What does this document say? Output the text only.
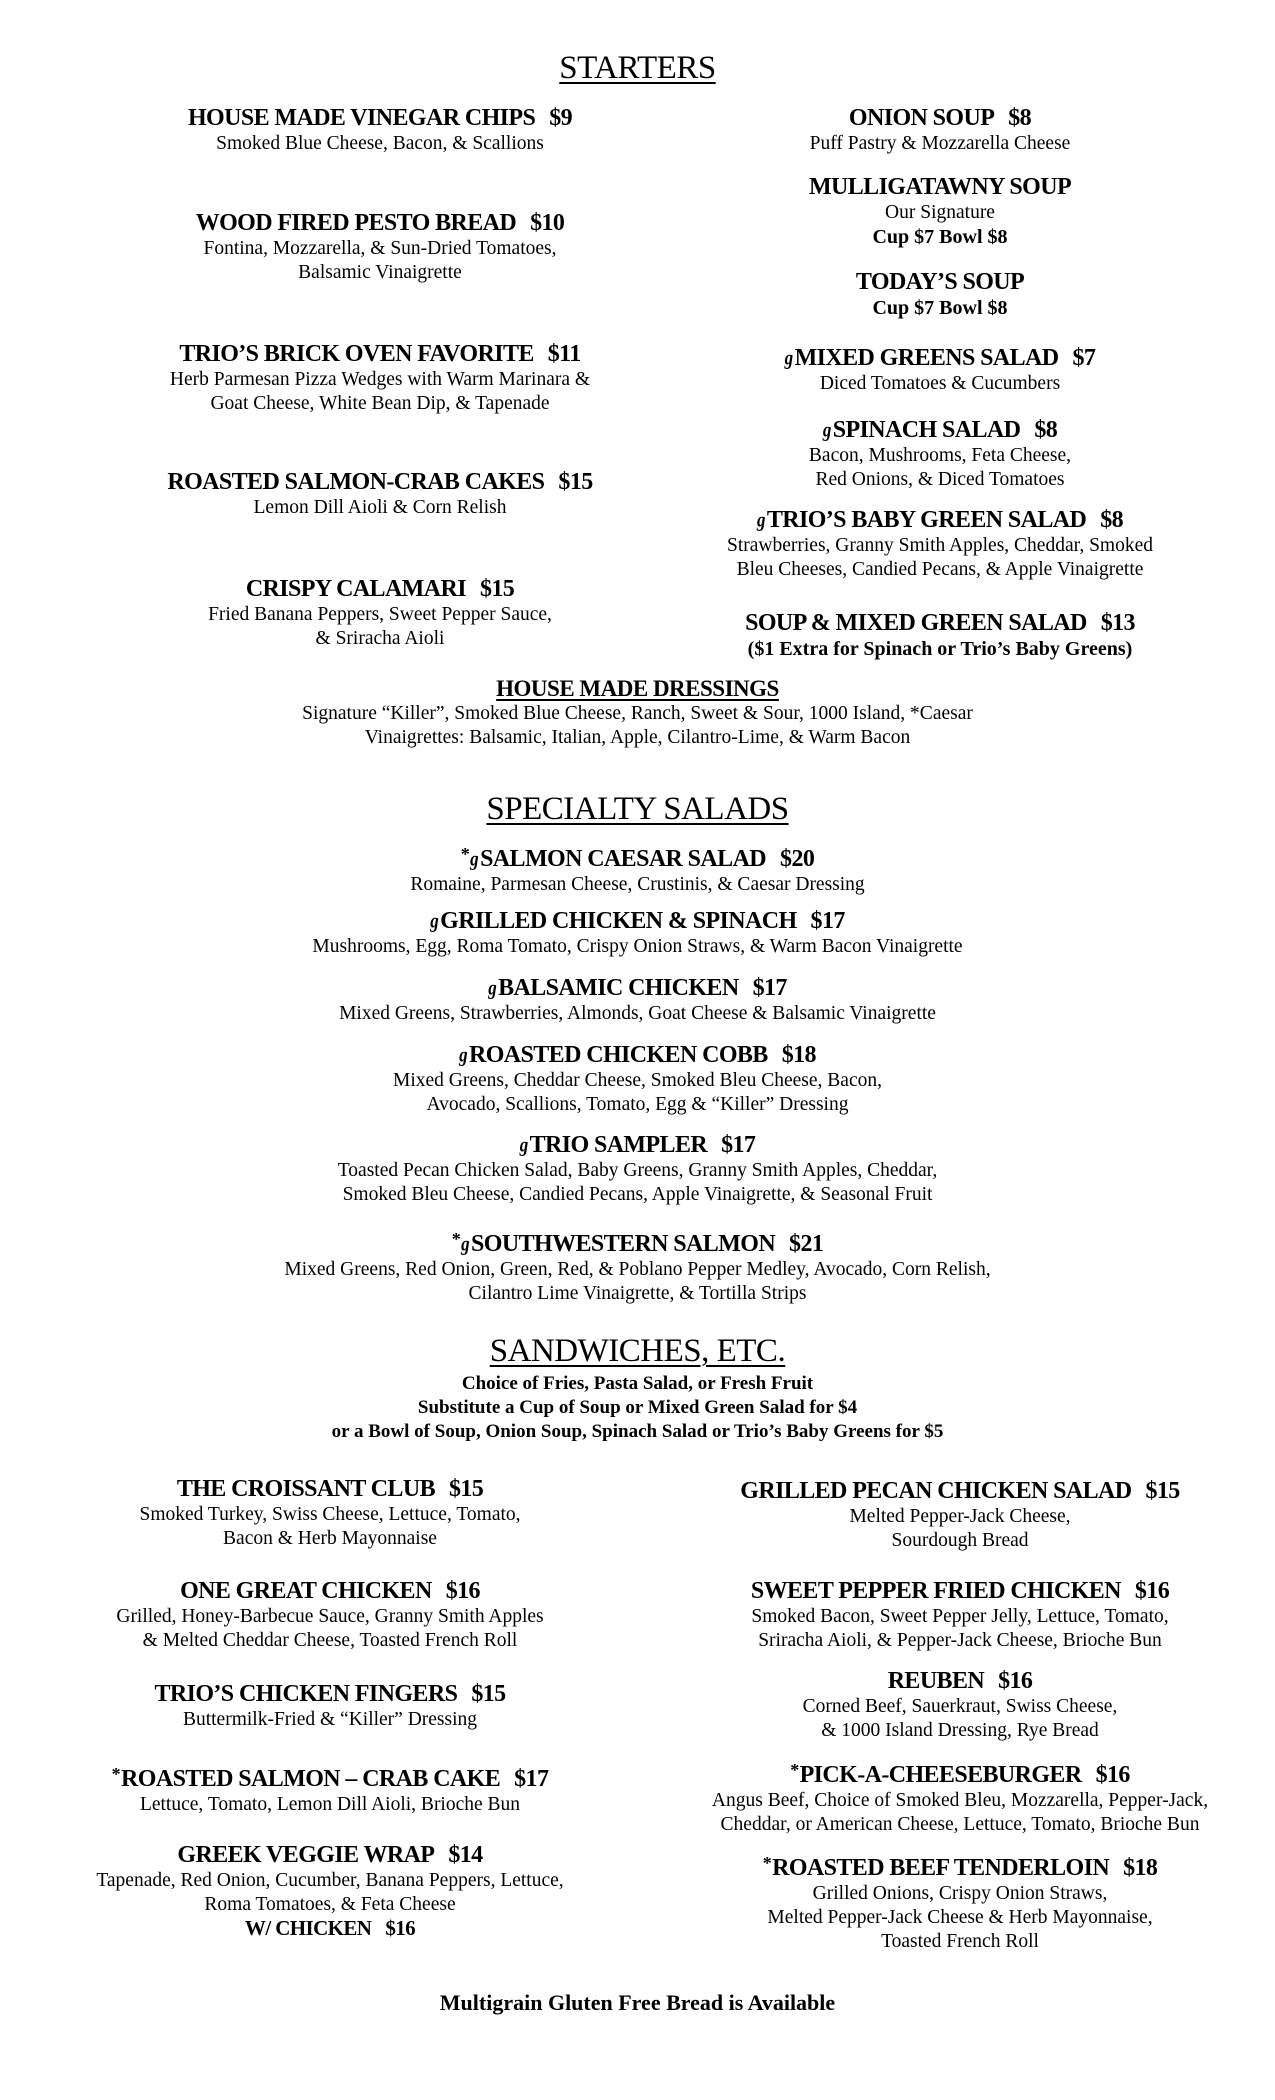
STARTERS
HOUSE MADE VINEGAR CHIPS $9
Smoked Blue Cheese, Bacon, & Scallions
WOOD FIRED PESTO BREAD $10
Fontina, Mozzarella, & Sun-Dried Tomatoes,
Balsamic Vinaigrette
TRIO’S BRICK OVEN FAVORITE $11
Herb Parmesan Pizza Wedges with Warm Marinara &
Goat Cheese, White Bean Dip, & Tapenade
ROASTED SALMON-CRAB CAKES $15
Lemon Dill Aioli & Corn Relish
CRISPY CALAMARI $15
Fried Banana Peppers, Sweet Pepper Sauce,
& Sriracha Aioli
ONION SOUP $8
Puff Pastry & Mozzarella Cheese
MULLIGATAWNY SOUP
Our Signature
Cup $7 Bowl $8
TODAY’S SOUP
Cup $7 Bowl $8
gMIXED GREENS SALAD $7
Diced Tomatoes & Cucumbers
gSPINACH SALAD $8
Bacon, Mushrooms, Feta Cheese,
Red Onions, & Diced Tomatoes
gTRIO’S BABY GREEN SALAD $8
Strawberries, Granny Smith Apples, Cheddar, Smoked
Bleu Cheeses, Candied Pecans, & Apple Vinaigrette
SOUP & MIXED GREEN SALAD $13
($1 Extra for Spinach or Trio’s Baby Greens)
HOUSE MADE DRESSINGS
Signature “Killer”, Smoked Blue Cheese, Ranch, Sweet & Sour, 1000 Island, *Caesar
Vinaigrettes: Balsamic, Italian, Apple, Cilantro-Lime, & Warm Bacon
SPECIALTY SALADS
*gSALMON CAESAR SALAD $20
Romaine, Parmesan Cheese, Crustinis, & Caesar Dressing
gGRILLED CHICKEN & SPINACH $17
Mushrooms, Egg, Roma Tomato, Crispy Onion Straws, & Warm Bacon Vinaigrette
gBALSAMIC CHICKEN $17
Mixed Greens, Strawberries, Almonds, Goat Cheese & Balsamic Vinaigrette
gROASTED CHICKEN COBB $18
Mixed Greens, Cheddar Cheese, Smoked Bleu Cheese, Bacon,
Avocado, Scallions, Tomato, Egg & “Killer” Dressing
gTRIO SAMPLER $17
Toasted Pecan Chicken Salad, Baby Greens, Granny Smith Apples, Cheddar,
Smoked Bleu Cheese, Candied Pecans, Apple Vinaigrette, & Seasonal Fruit
*gSOUTHWESTERN SALMON $21
Mixed Greens, Red Onion, Green, Red, & Poblano Pepper Medley, Avocado, Corn Relish,
Cilantro Lime Vinaigrette, & Tortilla Strips
SANDWICHES, ETC.
Choice of Fries, Pasta Salad, or Fresh Fruit
Substitute a Cup of Soup or Mixed Green Salad for $4
or a Bowl of Soup, Onion Soup, Spinach Salad or Trio’s Baby Greens for $5
THE CROISSANT CLUB $15
Smoked Turkey, Swiss Cheese, Lettuce, Tomato,
Bacon & Herb Mayonnaise
ONE GREAT CHICKEN $16
Grilled, Honey-Barbecue Sauce, Granny Smith Apples
& Melted Cheddar Cheese, Toasted French Roll
TRIO’S CHICKEN FINGERS $15
Buttermilk-Fried & “Killer” Dressing
*ROASTED SALMON – CRAB CAKE $17
Lettuce, Tomato, Lemon Dill Aioli, Brioche Bun
GREEK VEGGIE WRAP $14
Tapenade, Red Onion, Cucumber, Banana Peppers, Lettuce,
Roma Tomatoes, & Feta Cheese
W/ CHICKEN $16
GRILLED PECAN CHICKEN SALAD $15
Melted Pepper-Jack Cheese,
Sourdough Bread
SWEET PEPPER FRIED CHICKEN $16
Smoked Bacon, Sweet Pepper Jelly, Lettuce, Tomato,
Sriracha Aioli, & Pepper-Jack Cheese, Brioche Bun
REUBEN $16
Corned Beef, Sauerkraut, Swiss Cheese,
& 1000 Island Dressing, Rye Bread
*PICK-A-CHEESEBURGER $16
Angus Beef, Choice of Smoked Bleu, Mozzarella, Pepper-Jack,
Cheddar, or American Cheese, Lettuce, Tomato, Brioche Bun
*ROASTED BEEF TENDERLOIN $18
Grilled Onions, Crispy Onion Straws,
Melted Pepper-Jack Cheese & Herb Mayonnaise,
Toasted French Roll
Multigrain Gluten Free Bread is Available
